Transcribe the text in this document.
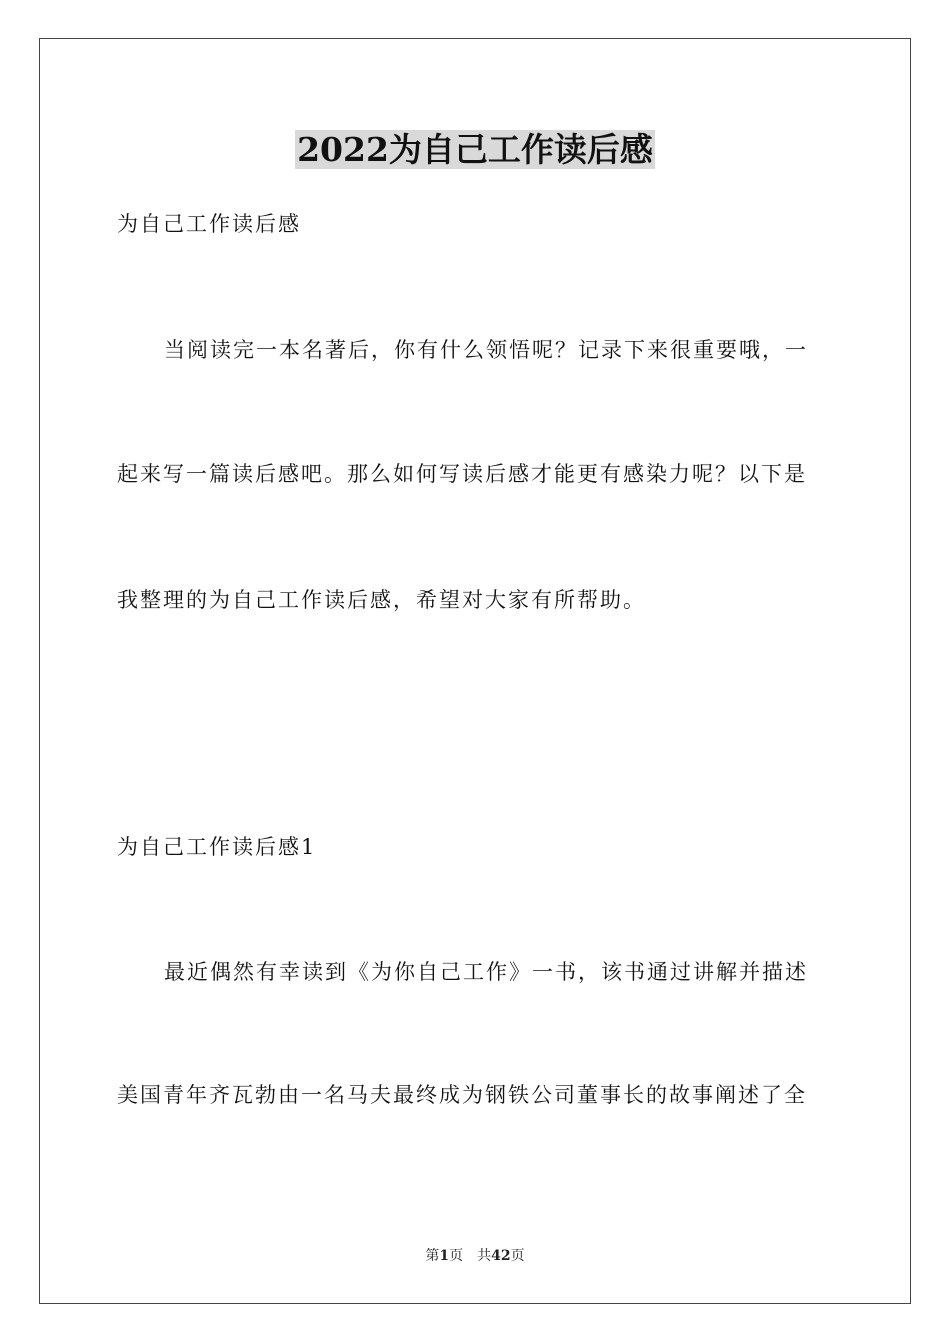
2022为自己工作读后感
为自己工作读后感
当阅读完一本名著后，你有什么领悟呢？记录下来很重要哦，一
起来写一篇读后感吧。那么如何写读后感才能更有感染力呢？以下是
我整理的为自己工作读后感，希望对大家有所帮助。
为自己工作读后感1
最近偶然有幸读到《为你自己工作》一书，该书通过讲解并描述
美国青年齐瓦勃由一名马夫最终成为钢铁公司董事长的故事阐述了全
第1页　共42页
